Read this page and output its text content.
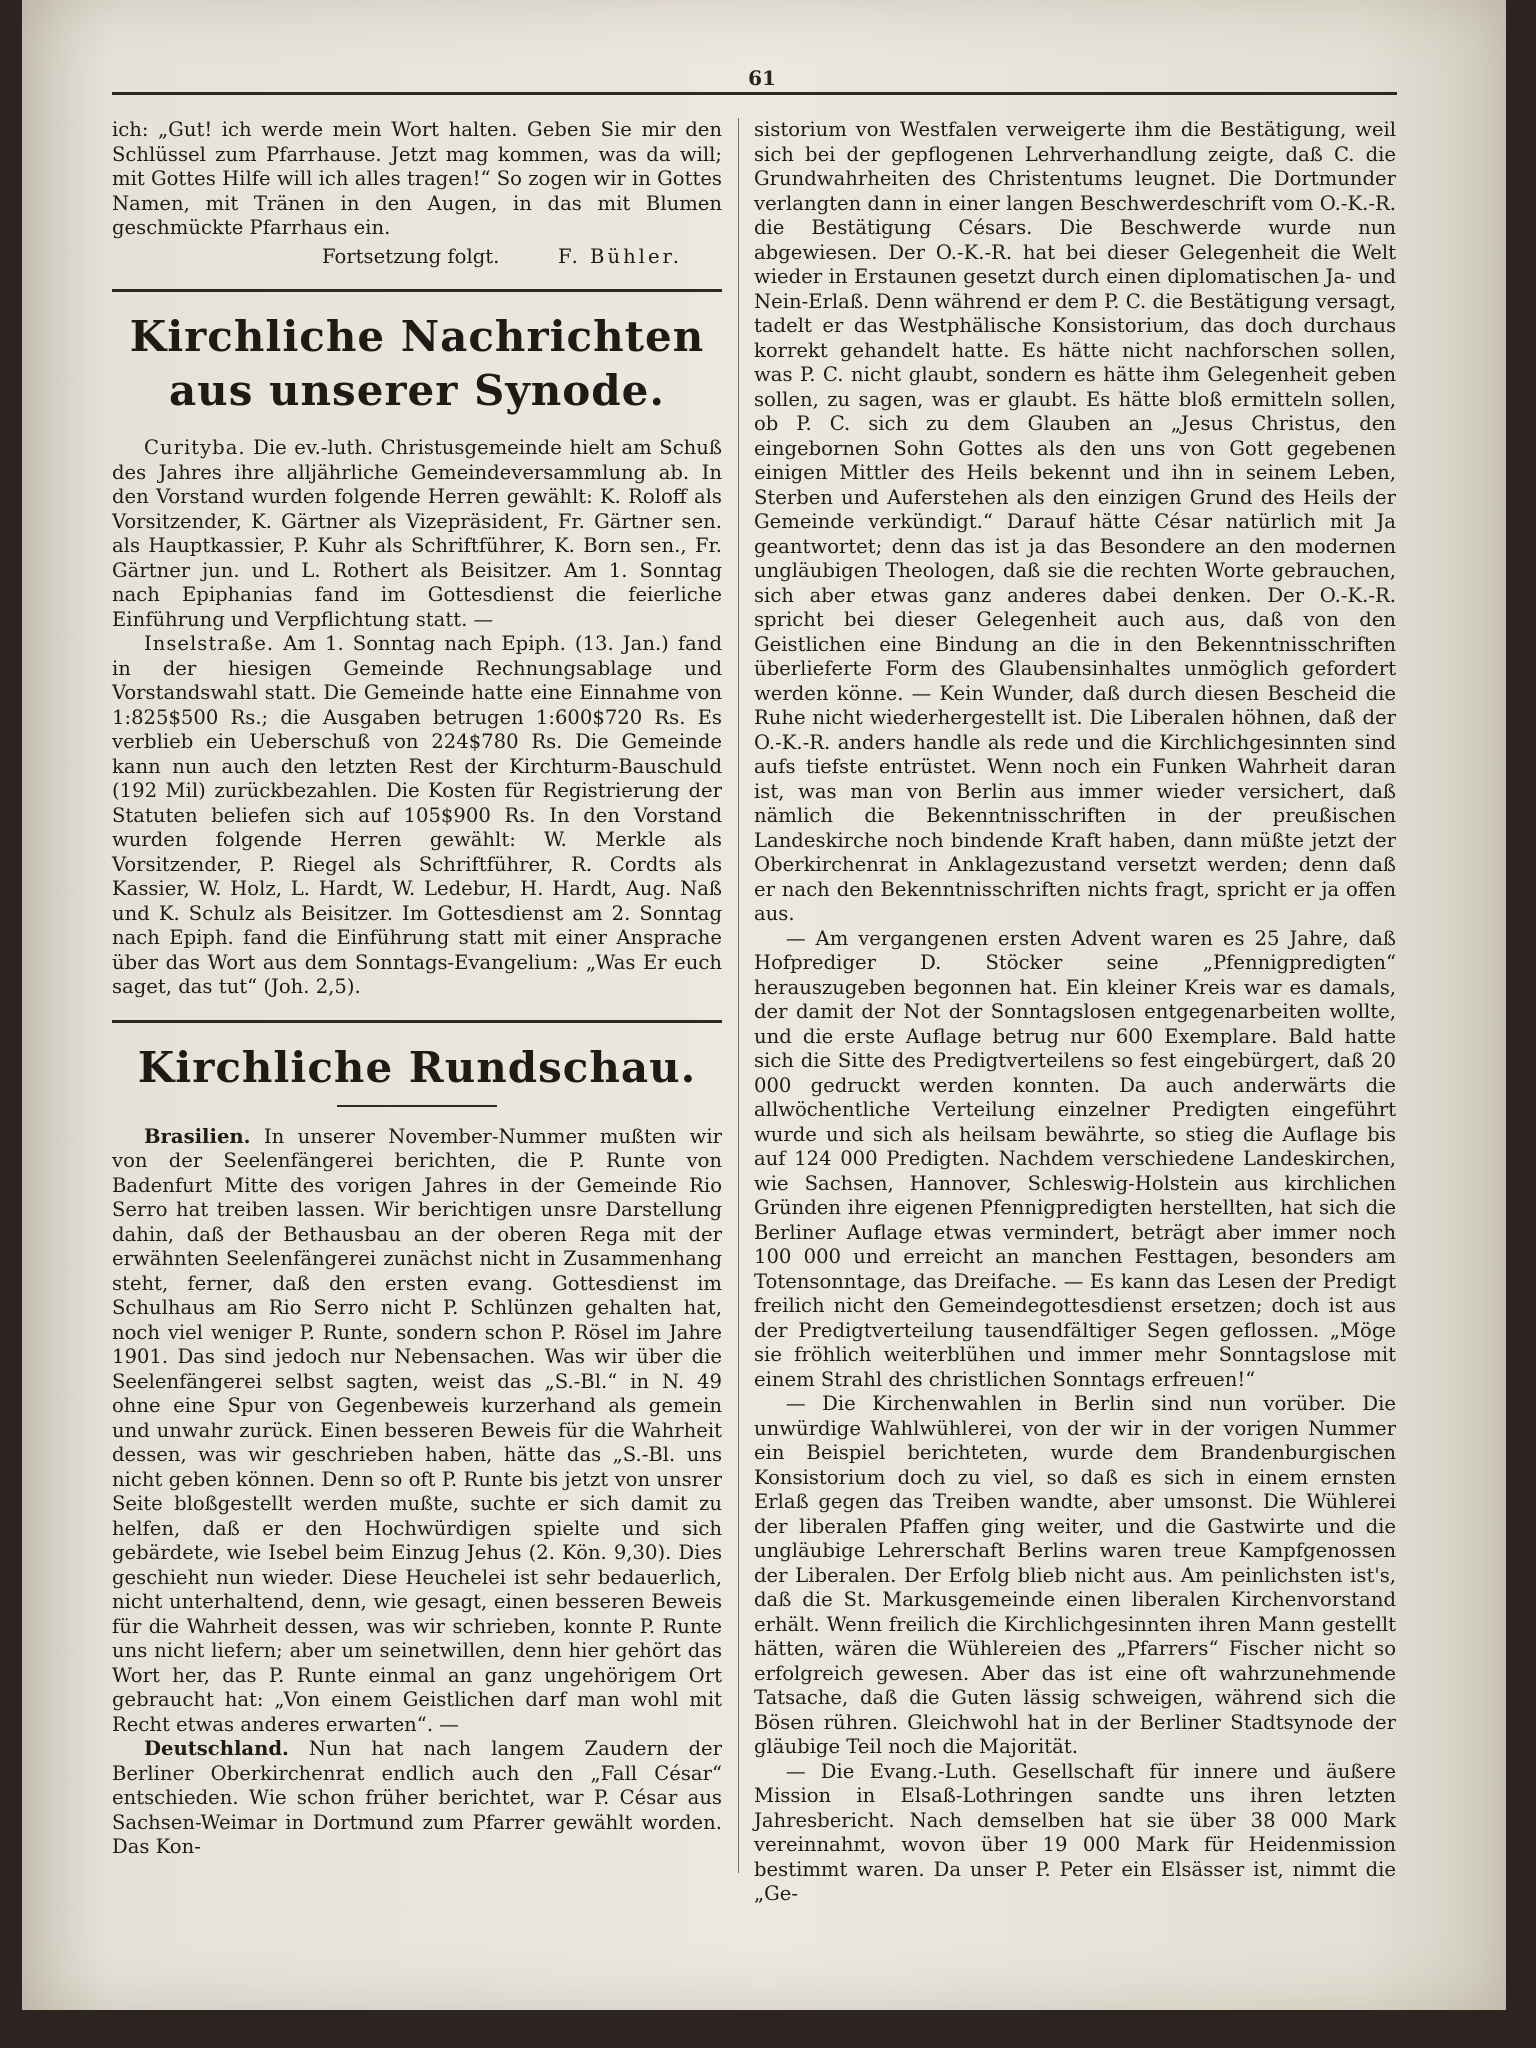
61

ich: „Gut! ich werde mein Wort halten. Geben Sie mir den Schlüssel zum Pfarrhause. Jetzt mag kommen, was da will; mit Gottes Hilfe will ich alles tragen!“ So zogen wir in Gottes Namen, mit Tränen in den Augen, in das mit Blumen geschmückte Pfarrhaus ein.

Fortsetzung folgt.	F. Bühler.
Kirchliche Nachrichten aus unserer Synode.

Curityba. Die ev.-luth. Christusgemeinde hielt am Schuß des Jahres ihre alljährliche Gemeindeversammlung ab. In den Vorstand wurden folgende Herren gewählt: K. Roloff als Vorsitzender, K. Gärtner als Vizepräsident, Fr. Gärtner sen. als Hauptkassier, P. Kuhr als Schriftführer, K. Born sen., Fr. Gärtner jun. und L. Rothert als Beisitzer. Am 1. Sonntag nach Epiphanias fand im Gottesdienst die feierliche Einführung und Verpflichtung statt. —

Inselstraße. Am 1. Sonntag nach Epiph. (13. Jan.) fand in der hiesigen Gemeinde Rechnungsablage und Vorstandswahl statt. Die Gemeinde hatte eine Einnahme von 1:825$500 Rs.; die Ausgaben betrugen 1:600$720 Rs. Es verblieb ein Ueberschuß von 224$780 Rs. Die Gemeinde kann nun auch den letzten Rest der Kirchturm-Bauschuld (192 Mil) zurückbezahlen. Die Kosten für Registrierung der Statuten beliefen sich auf 105$900 Rs. In den Vorstand wurden folgende Herren gewählt: W. Merkle als Vorsitzender, P. Riegel als Schriftführer, R. Cordts als Kassier, W. Holz, L. Hardt, W. Ledebur, H. Hardt, Aug. Naß und K. Schulz als Beisitzer. Im Gottesdienst am 2. Sonntag nach Epiph. fand die Einführung statt mit einer Ansprache über das Wort aus dem Sonntags-Evangelium: „Was Er euch saget, das tut“ (Joh. 2,5).

Kirchliche Rundschau.

Brasilien. In unserer November-Nummer mußten wir von der Seelenfängerei berichten, die P. Runte von Badenfurt Mitte des vorigen Jahres in der Gemeinde Rio Serro hat treiben lassen. Wir berichtigen unsre Darstellung dahin, daß der Bethausbau an der oberen Rega mit der erwähnten Seelenfängerei zunächst nicht in Zusammenhang steht, ferner, daß den ersten evang. Gottesdienst im Schulhaus am Rio Serro nicht P. Schlünzen gehalten hat, noch viel weniger P. Runte, sondern schon P. Rösel im Jahre 1901. Das sind jedoch nur Nebensachen. Was wir über die Seelenfängerei selbst sagten, weist das „S.-Bl.“ in N. 49 ohne eine Spur von Gegenbeweis kurzerhand als gemein und unwahr zurück. Einen besseren Beweis für die Wahrheit dessen, was wir geschrieben haben, hätte das „S.-Bl. uns nicht geben können. Denn so oft P. Runte bis jetzt von unsrer Seite bloßgestellt werden mußte, suchte er sich damit zu helfen, daß er den Hochwürdigen spielte und sich gebärdete, wie Isebel beim Einzug Jehus (2. Kön. 9,30). Dies geschieht nun wieder. Diese Heuchelei ist sehr bedauerlich, nicht unterhaltend, denn, wie gesagt, einen besseren Beweis für die Wahrheit dessen, was wir schrieben, konnte P. Runte uns nicht liefern; aber um seinetwillen, denn hier gehört das Wort her, das P. Runte einmal an ganz ungehörigem Ort gebraucht hat: „Von einem Geistlichen darf man wohl mit Recht etwas anderes erwarten“. —

Deutschland. Nun hat nach langem Zaudern der Berliner Oberkirchenrat endlich auch den „Fall César“ entschieden. Wie schon früher berichtet, war P. César aus Sachsen-Weimar in Dortmund zum Pfarrer gewählt worden. Das Kon-

sistorium von Westfalen verweigerte ihm die Bestätigung, weil sich bei der gepflogenen Lehrverhandlung zeigte, daß C. die Grundwahrheiten des Christentums leugnet. Die Dortmunder verlangten dann in einer langen Beschwerdeschrift vom O.-K.-R. die Bestätigung Césars. Die Beschwerde wurde nun abgewiesen. Der O.-K.-R. hat bei dieser Gelegenheit die Welt wieder in Erstaunen gesetzt durch einen diplomatischen Ja- und Nein-Erlaß. Denn während er dem P. C. die Bestätigung versagt, tadelt er das Westphälische Konsistorium, das doch durchaus korrekt gehandelt hatte. Es hätte nicht nachforschen sollen, was P. C. nicht glaubt, sondern es hätte ihm Gelegenheit geben sollen, zu sagen, was er glaubt. Es hätte bloß ermitteln sollen, ob P. C. sich zu dem Glauben an „Jesus Christus, den eingebornen Sohn Gottes als den uns von Gott gegebenen einigen Mittler des Heils bekennt und ihn in seinem Leben, Sterben und Auferstehen als den einzigen Grund des Heils der Gemeinde verkündigt.“ Darauf hätte César natürlich mit Ja geantwortet; denn das ist ja das Besondere an den modernen ungläubigen Theologen, daß sie die rechten Worte gebrauchen, sich aber etwas ganz anderes dabei denken. Der O.-K.-R. spricht bei dieser Gelegenheit auch aus, daß von den Geistlichen eine Bindung an die in den Bekenntnisschriften überlieferte Form des Glaubensinhaltes unmöglich gefordert werden könne. — Kein Wunder, daß durch diesen Bescheid die Ruhe nicht wiederhergestellt ist. Die Liberalen höhnen, daß der O.-K.-R. anders handle als rede und die Kirchlichgesinnten sind aufs tiefste entrüstet. Wenn noch ein Funken Wahrheit daran ist, was man von Berlin aus immer wieder versichert, daß nämlich die Bekenntnisschriften in der preußischen Landeskirche noch bindende Kraft haben, dann müßte jetzt der Oberkirchenrat in Anklagezustand versetzt werden; denn daß er nach den Bekenntnisschriften nichts fragt, spricht er ja offen aus.

— Am vergangenen ersten Advent waren es 25 Jahre, daß Hofprediger D. Stöcker seine „Pfennigpredigten“ herauszugeben begonnen hat. Ein kleiner Kreis war es damals, der damit der Not der Sonntagslosen entgegenarbeiten wollte, und die erste Auflage betrug nur 600 Exemplare. Bald hatte sich die Sitte des Predigtverteilens so fest eingebürgert, daß 20 000 gedruckt werden konnten. Da auch anderwärts die allwöchentliche Verteilung einzelner Predigten eingeführt wurde und sich als heilsam bewährte, so stieg die Auflage bis auf 124 000 Predigten. Nachdem verschiedene Landeskirchen, wie Sachsen, Hannover, Schleswig-Holstein aus kirchlichen Gründen ihre eigenen Pfennigpredigten herstellten, hat sich die Berliner Auflage etwas vermindert, beträgt aber immer noch 100 000 und erreicht an manchen Festtagen, besonders am Totensonntage, das Dreifache. — Es kann das Lesen der Predigt freilich nicht den Gemeindegottesdienst ersetzen; doch ist aus der Predigtverteilung tausendfältiger Segen geflossen. „Möge sie fröhlich weiterblühen und immer mehr Sonntagslose mit einem Strahl des christlichen Sonntags erfreuen!“

— Die Kirchenwahlen in Berlin sind nun vorüber. Die unwürdige Wahlwühlerei, von der wir in der vorigen Nummer ein Beispiel berichteten, wurde dem Brandenburgischen Konsistorium doch zu viel, so daß es sich in einem ernsten Erlaß gegen das Treiben wandte, aber umsonst. Die Wühlerei der liberalen Pfaffen ging weiter, und die Gastwirte und die ungläubige Lehrerschaft Berlins waren treue Kampfgenossen der Liberalen. Der Erfolg blieb nicht aus. Am peinlichsten ist's, daß die St. Markusgemeinde einen liberalen Kirchenvorstand erhält. Wenn freilich die Kirchlichgesinnten ihren Mann gestellt hätten, wären die Wühlereien des „Pfarrers“ Fischer nicht so erfolgreich gewesen. Aber das ist eine oft wahrzunehmende Tatsache, daß die Guten lässig schweigen, während sich die Bösen rühren. Gleichwohl hat in der Berliner Stadtsynode der gläubige Teil noch die Majorität.

— Die Evang.-Luth. Gesellschaft für innere und äußere Mission in Elsaß-Lothringen sandte uns ihren letzten Jahresbericht. Nach demselben hat sie über 38 000 Mark vereinnahmt, wovon über 19 000 Mark für Heidenmission bestimmt waren. Da unser P. Peter ein Elsässer ist, nimmt die „Ge-
